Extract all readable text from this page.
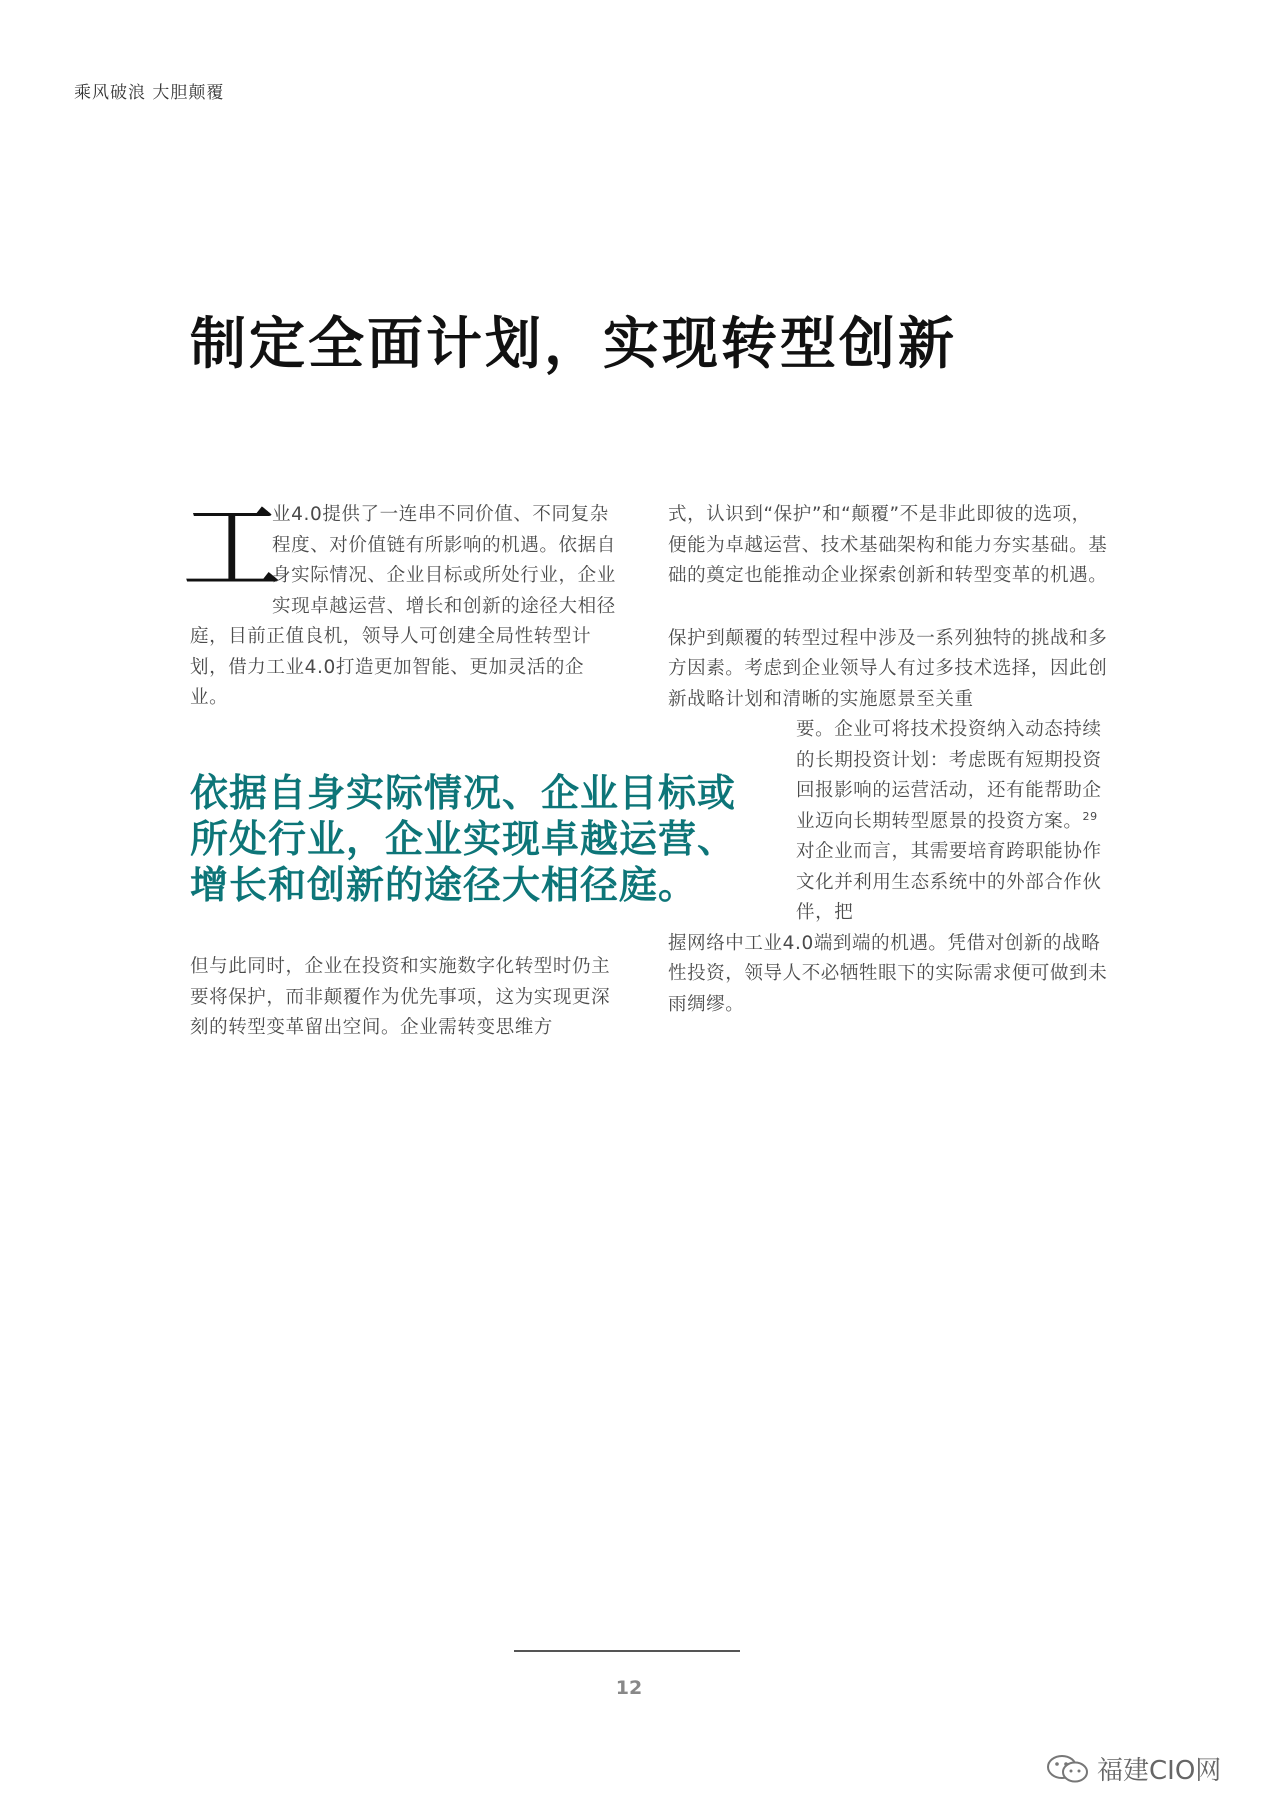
乘风破浪 大胆颠覆
制定全面计划，实现转型创新
工

业4.0提供了一连串不同价值、不同复杂程度、对价值链有所影响的机遇。依据自身实际情况、企业目标或所处行业，企业实现卓越运营、增长和创新的途径大相径庭，目前正值良机，领导人可创建全局性转型计划，借力工业4.0打造更加智能、更加灵活的企业。

依据自身实际情况、企业目标或所处行业，企业实现卓越运营、增长和创新的途径大相径庭。

但与此同时，企业在投资和实施数字化转型时仍主要将保护，而非颠覆作为优先事项，这为实现更深刻的转型变革留出空间。企业需转变思维方

式，认识到“保护”和“颠覆”不是非此即彼的选项，便能为卓越运营、技术基础架构和能力夯实基础。基础的奠定也能推动企业探索创新和转型变革的机遇。

保护到颠覆的转型过程中涉及一系列独特的挑战和多方因素。考虑到企业领导人有过多技术选择，因此创新战略计划和清晰的实施愿景至关重

要。企业可将技术投资纳入动态持续的长期投资计划：考虑既有短期投资回报影响的运营活动，还有能帮助企业迈向长期转型愿景的投资方案。$^{29}$对企业而言，其需要培育跨职能协作文化并利用生态系统中的外部合作伙伴，把

握网络中工业4.0端到端的机遇。凭借对创新的战略性投资，领导人不必牺牲眼下的实际需求便可做到未雨绸缪。

12
福建CIO网
